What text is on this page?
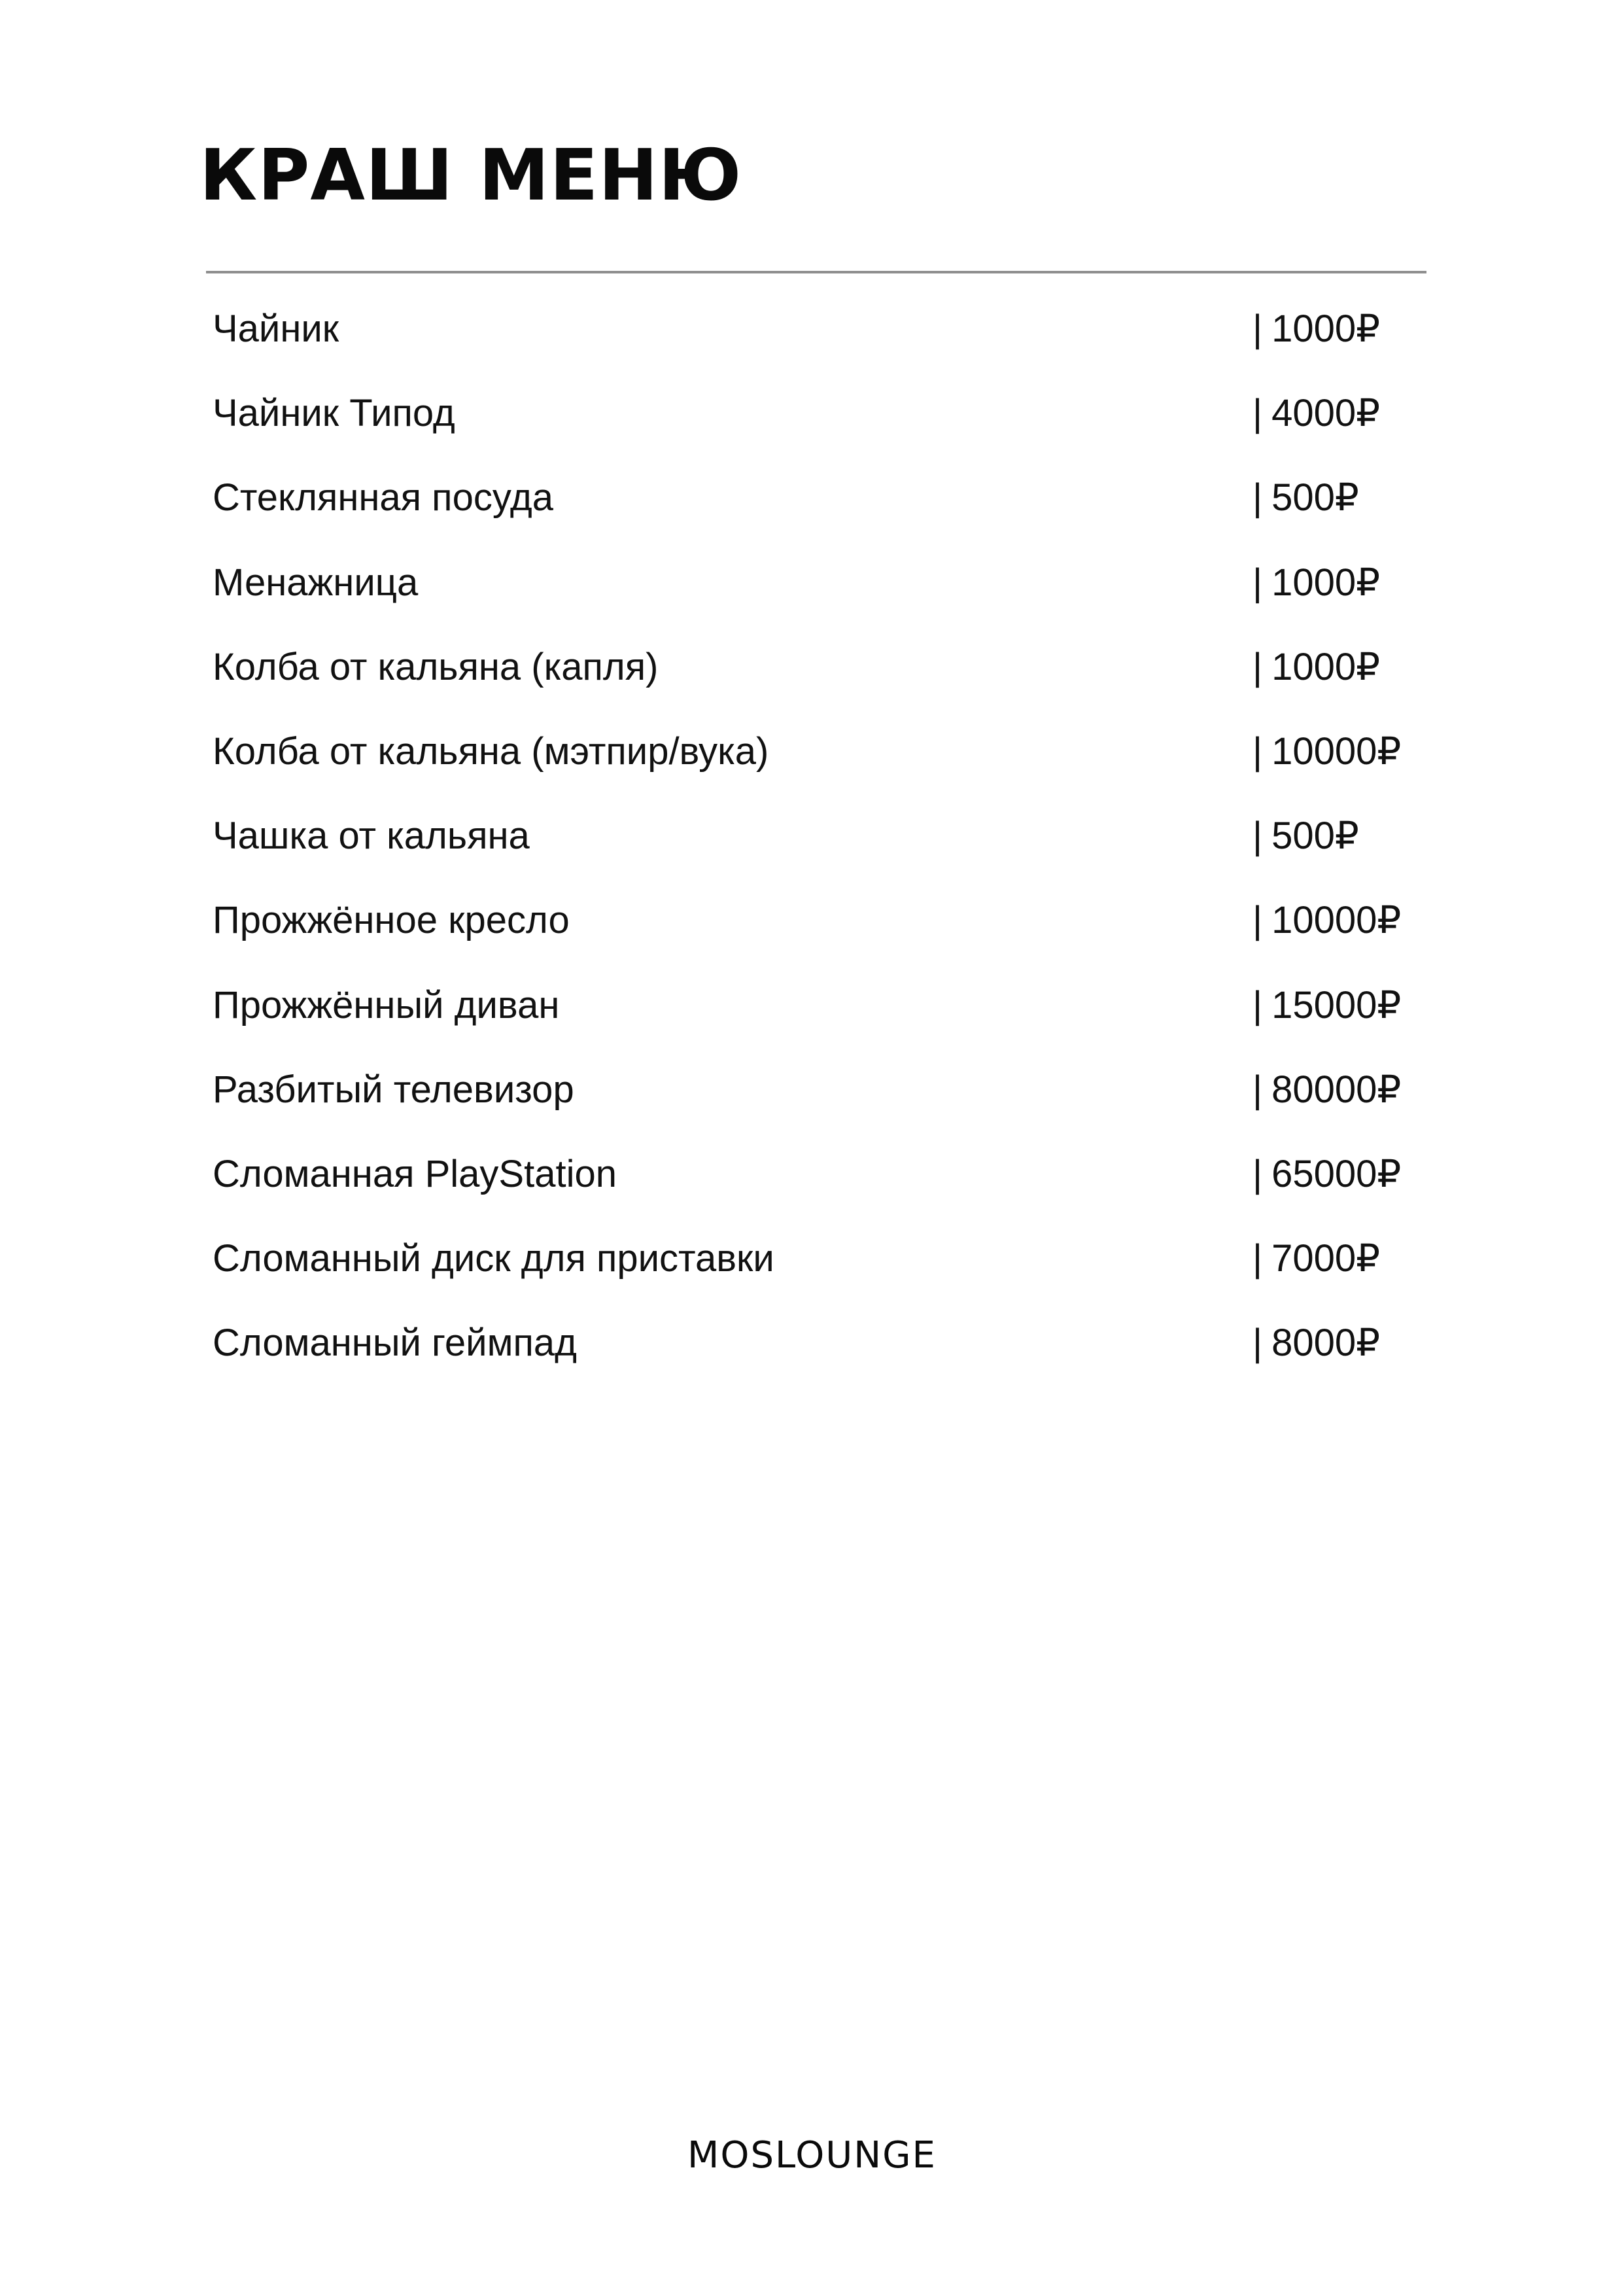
КРАШ МЕНЮ
Чайник	| 1000₽
Чайник Типод	| 4000₽
Стеклянная посуда	| 500₽
Менажница	| 1000₽
Колба от кальяна (капля)	| 1000₽
Колба от кальяна (мэтпир/вука)	| 10000₽
Чашка от кальяна	| 500₽
Прожжённое кресло	| 10000₽
Прожжённый диван	| 15000₽
Разбитый телевизор	| 80000₽
Сломанная PlayStation	| 65000₽
Сломанный диск для приставки	| 7000₽
Сломанный геймпад	| 8000₽
MOSLOUNGE
